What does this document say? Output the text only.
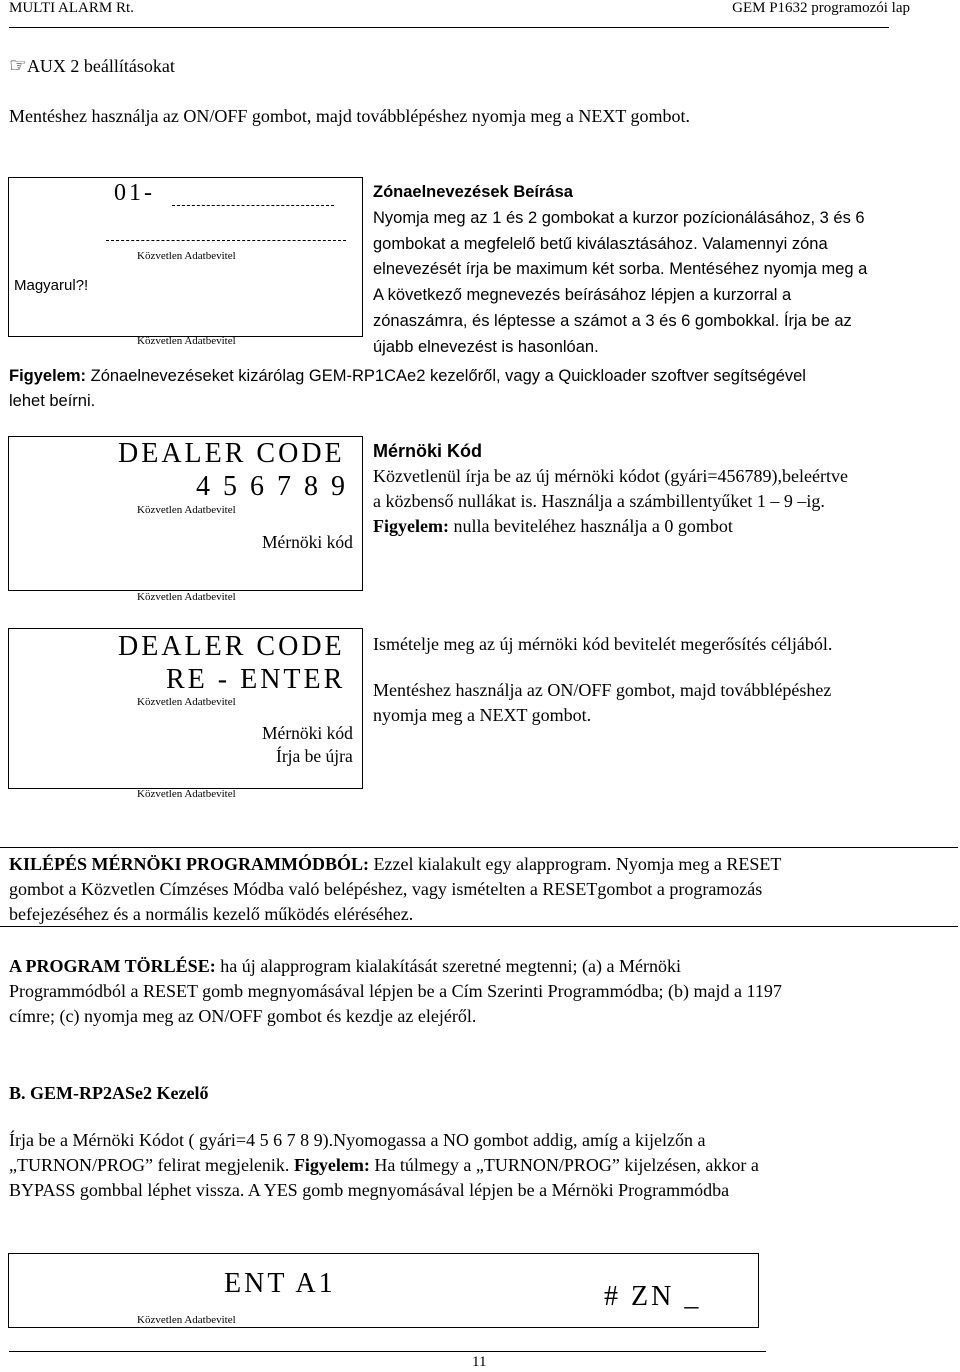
MULTI ALARM Rt.	GEM P1632 programozói lap
☞AUX 2 beállításokat
Mentéshez használja az ON/OFF gombot, majd továbblépéshez nyomja meg a NEXT gombot.
01-
Közvetlen Adatbevitel
Magyarul?!
Közvetlen Adatbevitel
Zónaelnevezések Beírása
Nyomja meg az 1 és 2 gombokat a kurzor pozícionálásához, 3 és 6
gombokat a megfelelő betű kiválasztásához. Valamennyi zóna
elnevezését írja be maximum két sorba. Mentéséhez nyomja meg a
A következő megnevezés beírásához lépjen a kurzorral a
zónaszámra, és léptesse a számot a 3 és 6 gombokkal. Írja be az
újabb elnevezést is hasonlóan.
Figyelem: Zónaelnevezéseket kizárólag GEM-RP1CAe2 kezelőről, vagy a Quickloader szoftver segítségével
lehet beírni.
DEALER CODE
4 5 6 7 8 9
Közvetlen Adatbevitel
Mérnöki kód
Közvetlen Adatbevitel
Mérnöki Kód
Közvetlenül írja be az új mérnöki kódot (gyári=456789),beleértve
a közbenső nullákat is. Használja a számbillentyűket 1 – 9 –ig.
Figyelem: nulla beviteléhez használja a 0 gombot
DEALER CODE
RE - ENTER
Közvetlen Adatbevitel
Mérnöki kód
Írja be újra
Közvetlen Adatbevitel
Ismételje meg az új mérnöki kód bevitelét megerősítés céljából.
Mentéshez használja az ON/OFF gombot, majd továbblépéshez
nyomja meg a NEXT gombot.
KILÉPÉS MÉRNÖKI PROGRAMMÓDBÓL: Ezzel kialakult egy alapprogram. Nyomja meg a RESET
gombot a Közvetlen Címzéses Módba való belépéshez, vagy ismételten a RESETgombot a programozás
befejezéséhez és a normális kezelő működés eléréséhez.
A PROGRAM TÖRLÉSE: ha új alapprogram kialakítását szeretné megtenni; (a) a Mérnöki
Programmódból a RESET gomb megnyomásával lépjen be a Cím Szerinti Programmódba; (b) majd a 1197
címre; (c) nyomja meg az ON/OFF gombot és kezdje az elejéről.
B. GEM-RP2ASe2 Kezelő
Írja be a Mérnöki Kódot ( gyári=4 5 6 7 8 9).Nyomogassa a NO gombot addig, amíg a kijelzőn a
„TURNON/PROG” felirat megjelenik. Figyelem: Ha túlmegy a „TURNON/PROG” kijelzésen, akkor a
BYPASS gombbal léphet vissza. A YES gomb megnyomásával lépjen be a Mérnöki Programmódba
ENT A1	# ZN _
Közvetlen Adatbevitel
11
